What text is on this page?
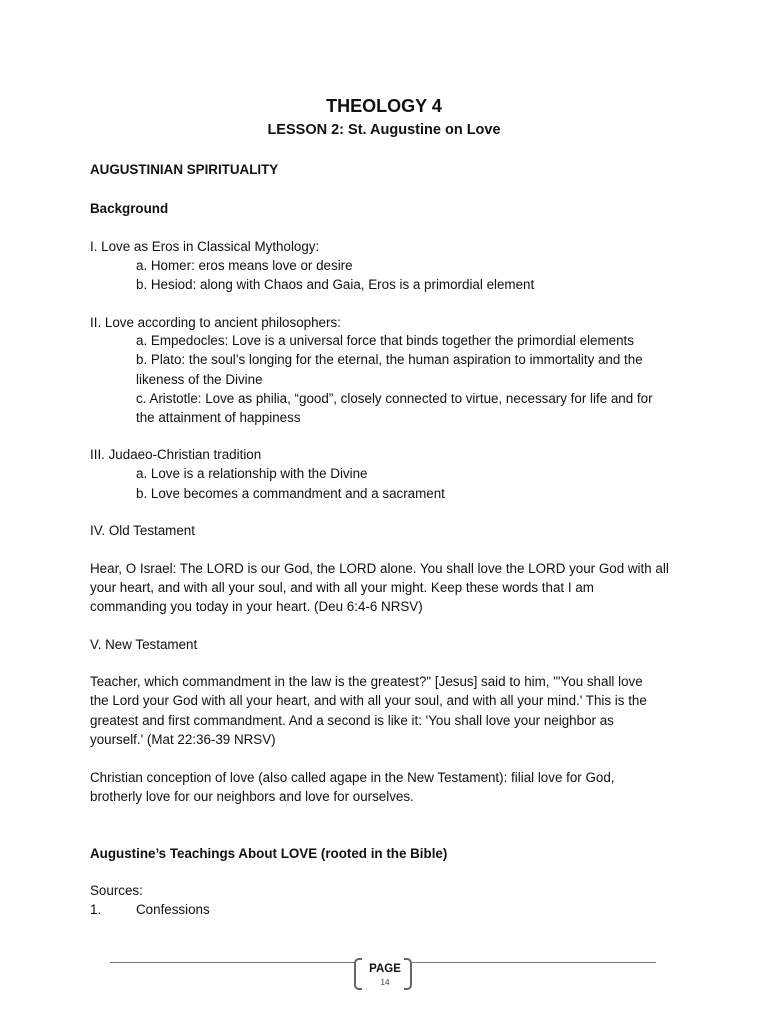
THEOLOGY 4
LESSON 2: St. Augustine on Love
AUGUSTINIAN SPIRITUALITY
Background
I. Love as Eros in Classical Mythology:
a. Homer: eros means love or desire
b. Hesiod: along with Chaos and Gaia, Eros is a primordial element
II. Love according to ancient philosophers:
a. Empedocles: Love is a universal force that binds together the primordial elements
b. Plato: the soul’s longing for the eternal, the human aspiration to immortality and the
likeness of the Divine
c. Aristotle: Love as philia, “good”, closely connected to virtue, necessary for life and for
the attainment of happiness
III. Judaeo-Christian tradition
a. Love is a relationship with the Divine
b. Love becomes a commandment and a sacrament
IV. Old Testament
Hear, O Israel: The LORD is our God, the LORD alone. You shall love the LORD your God with all
your heart, and with all your soul, and with all your might. Keep these words that I am
commanding you today in your heart. (Deu 6:4-6 NRSV)
V. New Testament
Teacher, which commandment in the law is the greatest?" [Jesus] said to him, "'You shall love
the Lord your God with all your heart, and with all your soul, and with all your mind.' This is the
greatest and first commandment. And a second is like it: 'You shall love your neighbor as
yourself.' (Mat 22:36-39 NRSV)
Christian conception of love (also called agape in the New Testament): filial love for God,
brotherly love for our neighbors and love for ourselves.
Augustine’s Teachings About LOVE (rooted in the Bible)
Sources:
1.	Confessions
PAGE
14
